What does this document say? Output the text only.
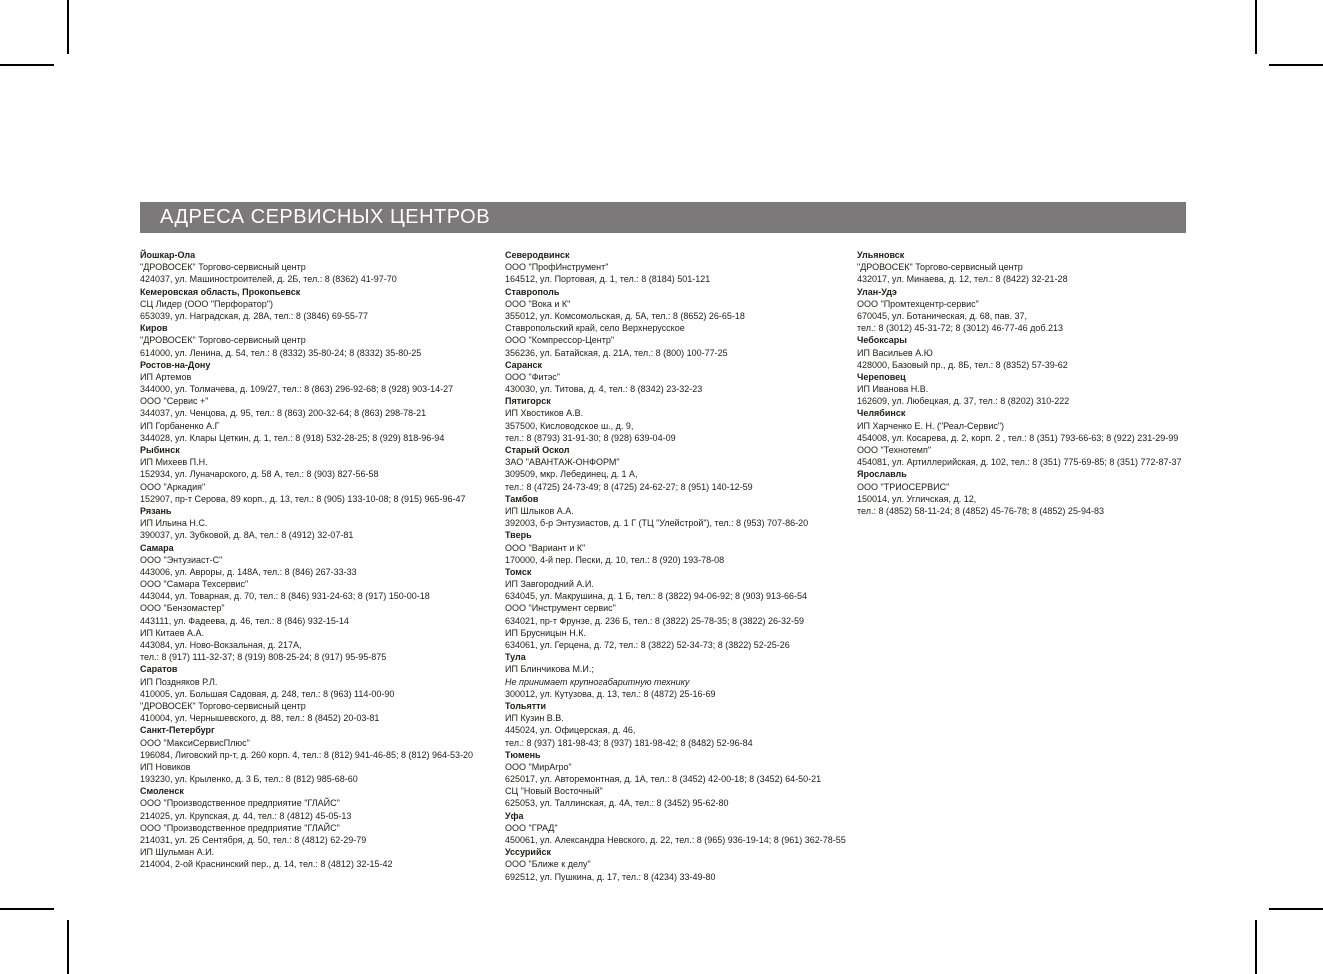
АДРЕСА СЕРВИСНЫХ ЦЕНТРОВ
Йошкар-Ола
"ДРОВОСЕК" Торгово-сервисный центр
424037, ул. Машиностроителей, д. 2Б, тел.: 8 (8362) 41-97-70
Кемеровская область, Прокопьевск
СЦ Лидер (ООО "Перфоратор")
653039, ул. Наградская, д. 28А, тел.: 8 (3846) 69-55-77
Киров
"ДРОВОСЕК" Торгово-сервисный центр
614000, ул. Ленина, д. 54, тел.: 8 (8332) 35-80-24; 8 (8332) 35-80-25
Ростов-на-Дону
ИП Артемов
344000, ул. Толмачева, д. 109/27, тел.: 8 (863) 296-92-68; 8 (928) 903-14-27
ООО "Сервис +"
344037, ул. Ченцова, д. 95, тел.: 8 (863) 200-32-64; 8 (863) 298-78-21
ИП Горбаненко А.Г
344028, ул. Клары Цеткин, д. 1, тел.: 8 (918) 532-28-25; 8 (929) 818-96-94
Рыбинск
ИП Михеев П.Н.
152934, ул. Луначарского, д. 58 А, тел.: 8 (903) 827-56-58
ООО "Аркадия"
152907, пр-т Серова, 89 корп., д. 13, тел.: 8 (905) 133-10-08; 8 (915) 965-96-47
Рязань
ИП Ильина Н.С.
390037, ул. Зубковой, д. 8А, тел.: 8 (4912) 32-07-81
Самара
ООО "Энтузиаст-С"
443006, ул. Авроры, д. 148А, тел.: 8 (846) 267-33-33
ООО "Самара Техсервис"
443044, ул. Товарная, д. 70, тел.: 8 (846) 931-24-63; 8 (917) 150-00-18
ООО "Бензомастер"
443111, ул. Фадеева, д. 46, тел.: 8 (846) 932-15-14
ИП Китаев А.А.
443084, ул. Ново-Вокзальная, д. 217А,
тел.: 8 (917) 111-32-37; 8 (919) 808-25-24; 8 (917) 95-95-875
Саратов
ИП Поздняков Р.Л.
410005, ул. Большая Садовая, д. 248, тел.: 8 (963) 114-00-90
"ДРОВОСЕК" Торгово-сервисный центр
410004, ул. Чернышевского, д. 88, тел.: 8 (8452) 20-03-81
Санкт-Петербург
ООО "МаксиСервисПлюс"
196084, Лиговский пр-т, д. 260 корп. 4, тел.: 8 (812) 941-46-85; 8 (812) 964-53-20
ИП Новиков
193230, ул. Крыленко, д. 3 Б, тел.: 8 (812) 985-68-60
Смоленск
ООО "Производственное предприятие "ГЛАЙС"
214025, ул. Крупская, д. 44, тел.: 8 (4812) 45-05-13
ООО "Производственное предприятие "ГЛАЙС"
214031, ул. 25 Сентября, д. 50, тел.: 8 (4812) 62-29-79
ИП Шульман А.И.
214004, 2-ой Краснинский пер., д. 14, тел.: 8 (4812) 32-15-42
Северодвинск
ООО "ПрофИнструмент"
164512, ул. Портовая, д. 1, тел.: 8 (8184) 501-121
Ставрополь
ООО "Вока и К"
355012, ул. Комсомольская, д. 5А, тел.: 8 (8652) 26-65-18
Ставропольский край, село Верхнерусское
ООО "Компрессор-Центр"
356236, ул. Батайская, д. 21А, тел.: 8 (800) 100-77-25
Саранск
ООО "Фитэс"
430030, ул. Титова, д. 4, тел.: 8 (8342) 23-32-23
Пятигорск
ИП Хвостиков А.В.
357500, Кисловодское ш., д. 9,
тел.: 8 (8793) 31-91-30; 8 (928) 639-04-09
Старый Оскол
ЗАО "АВАНТАЖ-ОНФОРМ"
309509, мкр. Лебединец, д. 1 А,
тел.: 8 (4725) 24-73-49; 8 (4725) 24-62-27; 8 (951) 140-12-59
Тамбов
ИП Шлыков А.А.
392003, б-р Энтузиастов, д. 1 Г (ТЦ "Улейстрой"), тел.: 8 (953) 707-86-20
Тверь
ООО "Вариант и К"
170000, 4-й пер. Пески, д. 10, тел.: 8 (920) 193-78-08
Томск
ИП Завгородний А.И.
634045, ул. Макрушина, д. 1 Б, тел.: 8 (3822) 94-06-92; 8 (903) 913-66-54
ООО "Инструмент сервис"
634021, пр-т Фрунзе, д. 236 Б, тел.: 8 (3822) 25-78-35; 8 (3822) 26-32-59
ИП Брусницын Н.К.
634061, ул. Герцена, д. 72, тел.: 8 (3822) 52-34-73; 8 (3822) 52-25-26
Тула
ИП Блинчикова М.И.;
Не принимает крупногабаритную технику
300012, ул. Кутузова, д. 13, тел.: 8 (4872) 25-16-69
Тольятти
ИП Кузин В.В.
445024, ул. Офицерская, д. 46,
тел.: 8 (937) 181-98-43; 8 (937) 181-98-42; 8 (8482) 52-96-84
Тюмень
ООО "МирАгро"
625017, ул. Авторемонтная, д. 1А, тел.: 8 (3452) 42-00-18; 8 (3452) 64-50-21
СЦ "Новый Восточный"
625053, ул. Таллинская, д. 4А, тел.: 8 (3452) 95-62-80
Уфа
ООО "ГРАД"
450061, ул. Александра Невского, д. 22, тел.: 8 (965) 936-19-14; 8 (961) 362-78-55
Уссурийск
ООО "Ближе к делу"
692512, ул. Пушкина, д. 17, тел.: 8 (4234) 33-49-80
Ульяновск
"ДРОВОСЕК" Торгово-сервисный центр
432017, ул. Минаева, д. 12, тел.: 8 (8422) 32-21-28
Улан-Удэ
ООО "Промтехцентр-сервис"
670045, ул. Ботаническая, д. 68, пав. 37,
тел.: 8 (3012) 45-31-72; 8 (3012) 46-77-46 доб.213
Чебоксары
ИП Васильев А.Ю
428000, Базовый пр., д. 8Б, тел.: 8 (8352) 57-39-62
Череповец
ИП Иванова Н.В.
162609, ул. Любецкая, д. 37, тел.: 8 (8202) 310-222
Челябинск
ИП Харченко Е. Н. ("Реал-Сервис")
454008, ул. Косарева, д. 2, корп. 2 , тел.: 8 (351) 793-66-63; 8 (922) 231-29-99
ООО "Технотемп"
454081, ул. Артиллерийская, д. 102, тел.: 8 (351) 775-69-85; 8 (351) 772-87-37
Ярославль
ООО "ТРИОСЕРВИС"
150014, ул. Угличская, д. 12,
тел.: 8 (4852) 58-11-24; 8 (4852) 45-76-78; 8 (4852) 25-94-83
